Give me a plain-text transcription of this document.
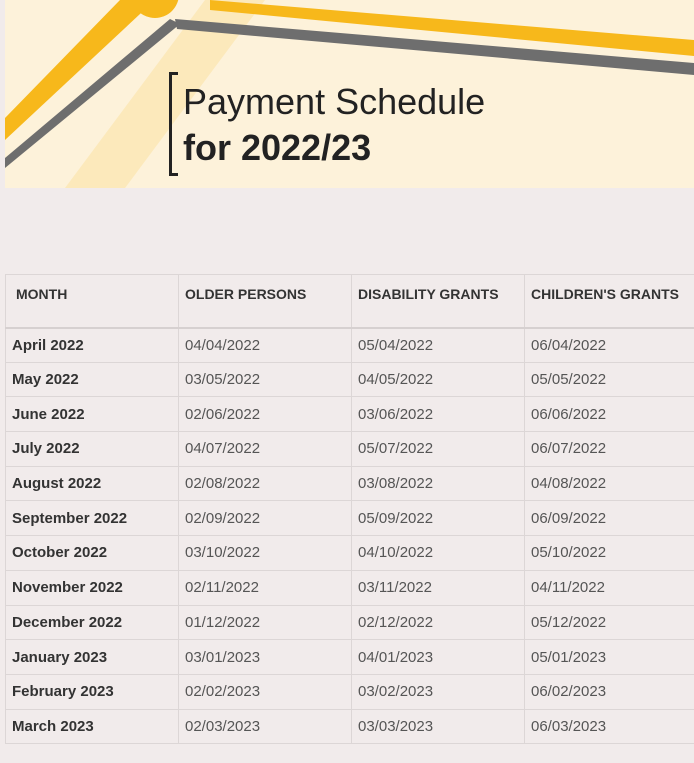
Payment Schedule
for 2022/23
MONTH	OLDER PERSONS	DISABILITY GRANTS	CHILDREN'S GRANTS
April 2022	04/04/2022	05/04/2022	06/04/2022
May 2022	03/05/2022	04/05/2022	05/05/2022
June 2022	02/06/2022	03/06/2022	06/06/2022
July 2022	04/07/2022	05/07/2022	06/07/2022
August 2022	02/08/2022	03/08/2022	04/08/2022
September 2022	02/09/2022	05/09/2022	06/09/2022
October 2022	03/10/2022	04/10/2022	05/10/2022
November 2022	02/11/2022	03/11/2022	04/11/2022
December 2022	01/12/2022	02/12/2022	05/12/2022
January 2023	03/01/2023	04/01/2023	05/01/2023
February 2023	02/02/2023	03/02/2023	06/02/2023
March 2023	02/03/2023	03/03/2023	06/03/2023
